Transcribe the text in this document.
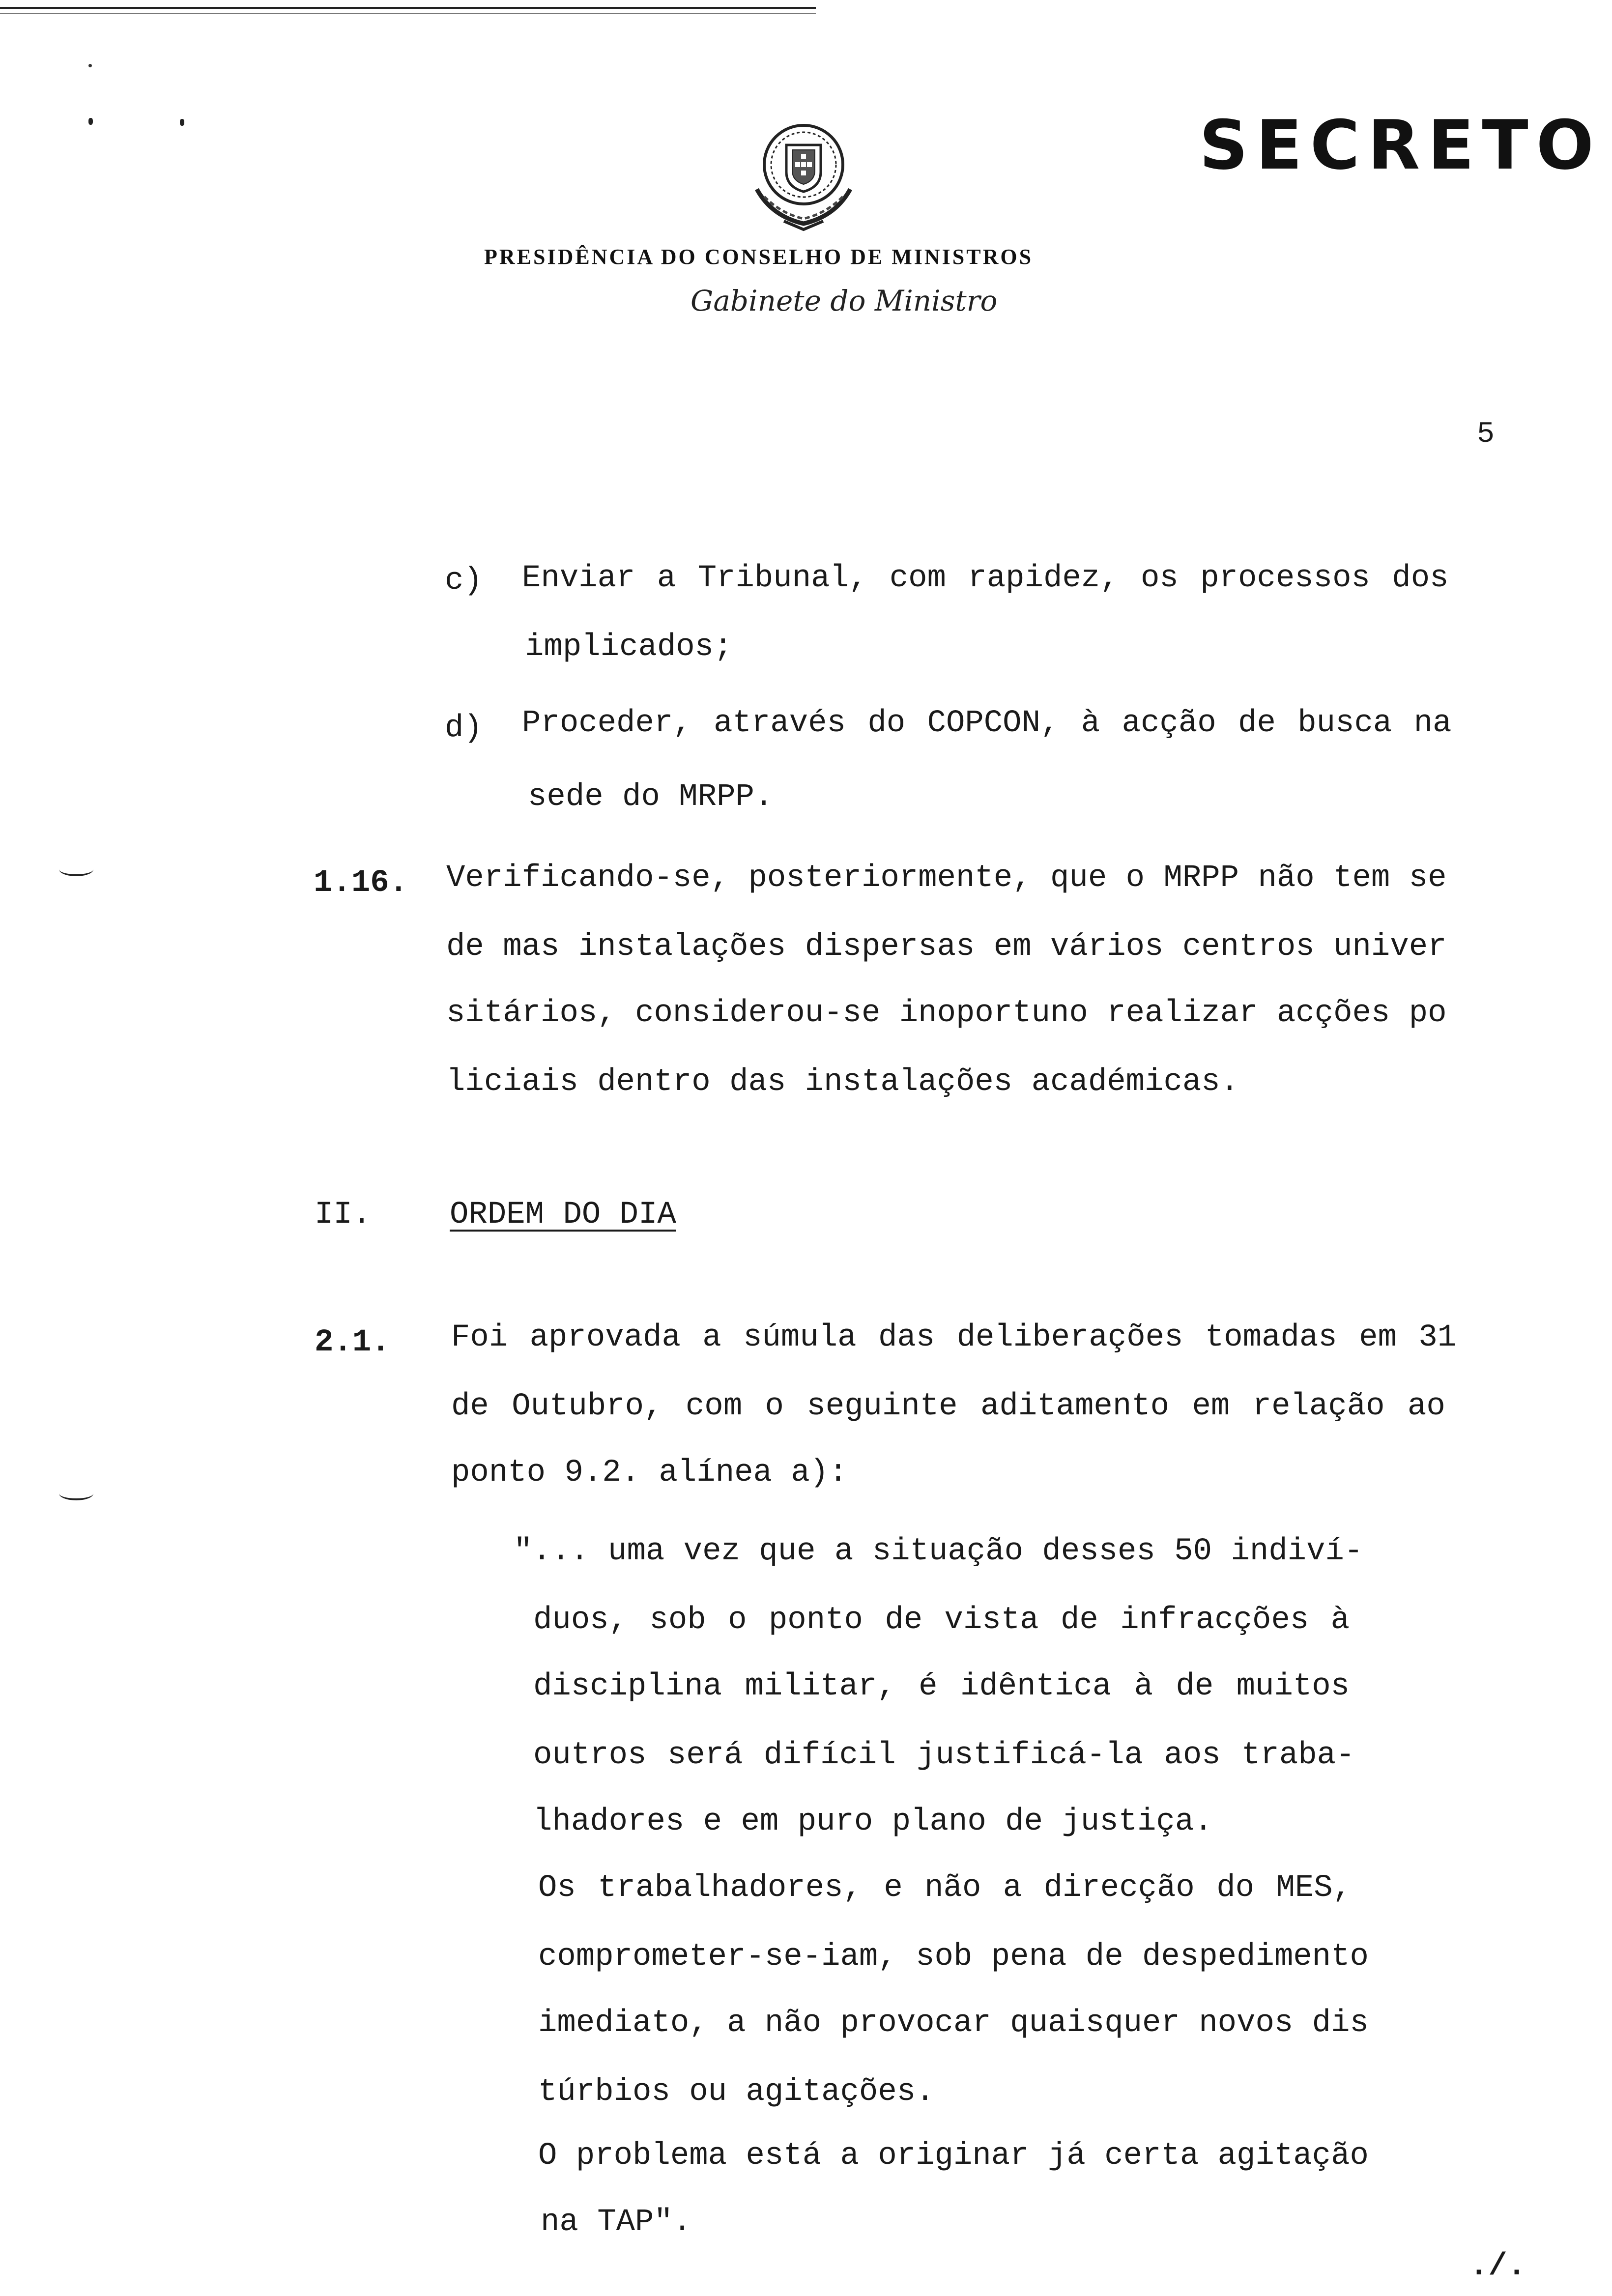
SECRETO
PRESIDÊNCIA DO CONSELHO DE MINISTROS
Gabinete do Ministro
5
c) Enviar a Tribunal, com rapidez, os processos dos
implicados;
d) Proceder, através do COPCON, à acção de busca na
sede do MRPP.
1.16. Verificando-se, posteriormente, que o MRPP não tem se
de mas instalações dispersas em vários centros univer
sitários, considerou-se inoportuno realizar acções po
liciais dentro das instalações académicas.
II. ORDEM DO DIA
2.1. Foi aprovada a súmula das deliberações tomadas em 31
de Outubro, com o seguinte aditamento em relação ao
ponto 9.2. alínea a):
"... uma vez que a situação desses 50 indiví-
duos, sob o ponto de vista de infracções à
disciplina militar, é idêntica à de muitos
outros será difícil justificá-la aos traba-
lhadores e em puro plano de justiça.
Os trabalhadores, e não a direcção do MES,
comprometer-se-iam, sob pena de despedimento
imediato, a não provocar quaisquer novos dis
túrbios ou agitações.
O problema está a originar já certa agitação
na TAP".
./.
